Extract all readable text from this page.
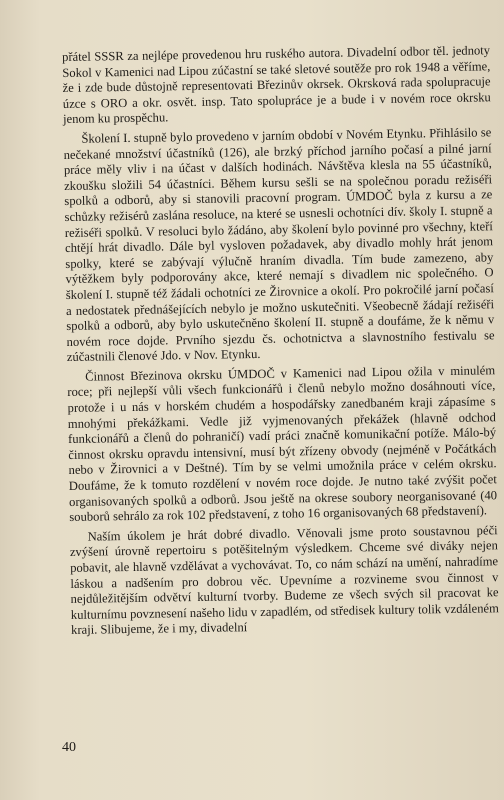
přátel SSSR za nejlépe provedenou hru ruského autora. Divadelní odbor těl. jednoty Sokol v Kamenici nad Lipou zúčastní se také sletové soutěže pro rok 1948 a věříme, že i zde bude důstojně representovati Březinův okrsek. Okrsková rada spolupracuje úzce s ORO a okr. osvět. insp. Tato spolupráce je a bude i v novém roce okrsku jenom ku prospěchu.

Školení I. stupně bylo provedeno v jarním období v Novém Etynku. Přihlásilo se nečekané množství účastníků (126), ale brzký příchod jarního počasí a pilné jarní práce měly vliv i na účast v dalších hodinách. Návštěva klesla na 55 účastníků, zkoušku složili 54 účastníci. Během kursu sešli se na společnou poradu režiséři spolků a odborů, aby si stanovili pracovní program. ÚMDOČ byla z kursu a ze schůzky režisérů zaslána resoluce, na které se usnesli ochotníci dív. školy I. stupně a režiséři spolků. V resoluci bylo žádáno, aby školení bylo povinné pro všechny, kteří chtějí hrát divadlo. Dále byl vysloven požadavek, aby divadlo mohly hrát jenom spolky, které se zabývají výlučně hraním divadla. Tím bude zamezeno, aby výtěžkem byly podporovány akce, které nemají s divadlem nic společného. O školení I. stupně též žádali ochotníci ze Žirovnice a okolí. Pro pokročilé jarní počasí a nedostatek přednášejících nebylo je možno uskutečniti. Všeobecně žádají režiséři spolků a odborů, aby bylo uskutečněno školení II. stupně a doufáme, že k němu v novém roce dojde. Prvního sjezdu čs. ochotnictva a slavnostního festivalu se zúčastnili členové Jdo. v Nov. Etynku.

Činnost Březinova okrsku ÚMDOČ v Kamenici nad Lipou ožila v minulém roce; při nejlepší vůli všech funkcionářů i členů nebylo možno dosáhnouti více, protože i u nás v horském chudém a hospodářsky zanedbaném kraji zápasíme s mnohými překážkami. Vedle již vyjmenovaných překážek (hlavně odchod funkcionářů a členů do pohraničí) vadí práci značně komunikační potíže. Málo-bý činnost okrsku opravdu intensivní, musí být zřízeny obvody (nejméně v Počátkách nebo v Žirovnici a v Deštné). Tím by se velmi umožnila práce v celém okrsku. Doufáme, že k tomuto rozdělení v novém roce dojde. Je nutno také zvýšit počet organisovaných spolků a odborů. Jsou ještě na okrese soubory neorganisované (40 souborů sehrálo za rok 102 představení, z toho 16 organisovaných 68 představení).

Naším úkolem je hrát dobré divadlo. Věnovali jsme proto soustavnou péči zvýšení úrovně repertoiru s potěšitelným výsledkem. Chceme své diváky nejen pobavit, ale hlavně vzdělávat a vychovávat. To, co nám schází na umění, nahradíme láskou a nadšením pro dobrou věc. Upevníme a rozvineme svou činnost v nejdůležitějším odvětví kulturní tvorby. Budeme ze všech svých sil pracovat ke kulturnímu povznesení našeho lidu v zapadlém, od středisek kultury tolik vzdáleném kraji. Slibujeme, že i my, divadelní

40
